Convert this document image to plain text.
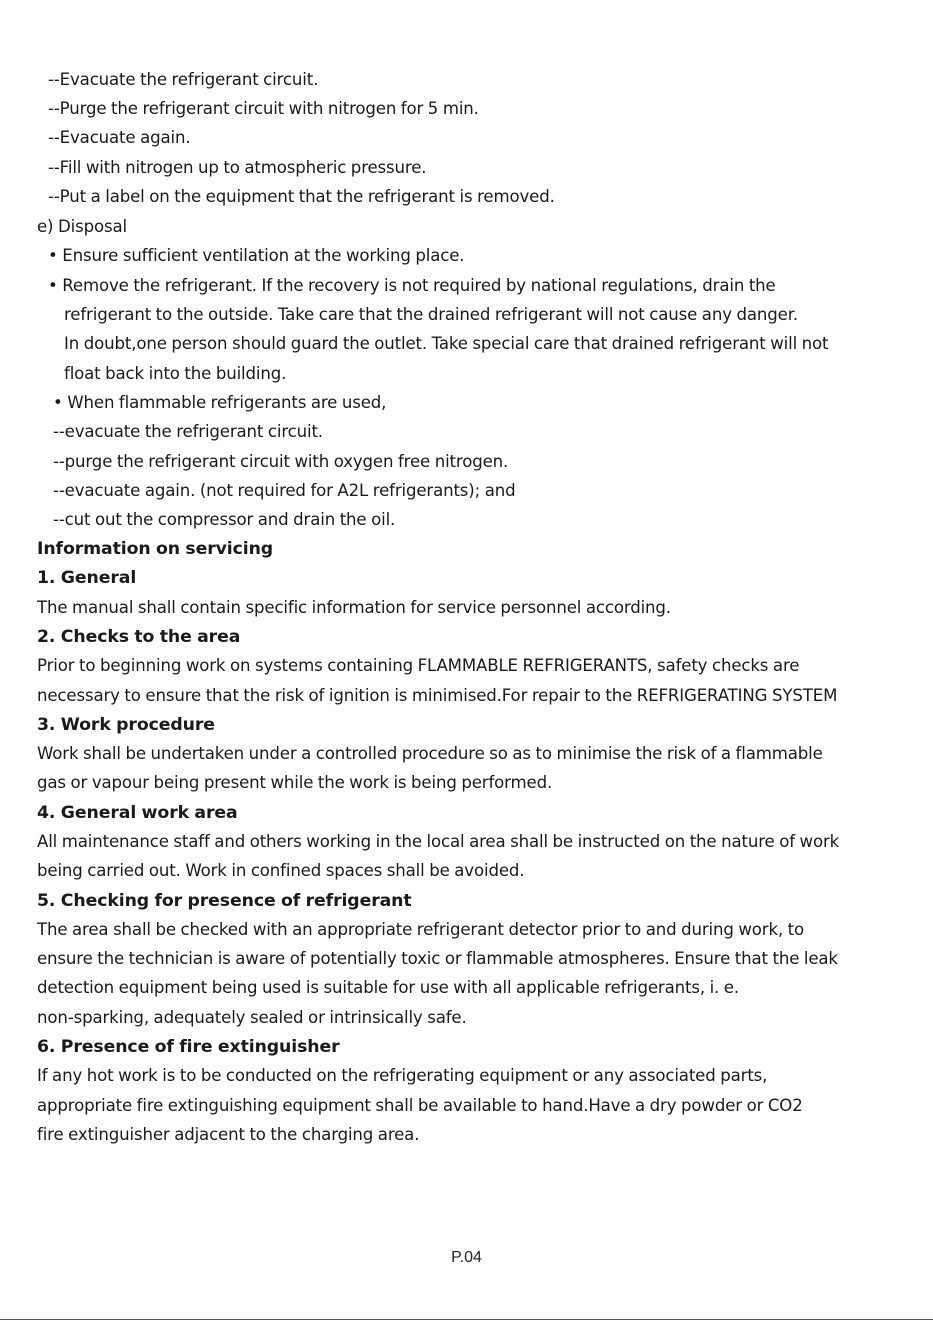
--Evacuate the refrigerant circuit.
--Purge the refrigerant circuit with nitrogen for 5 min.
--Evacuate again.
--Fill with nitrogen up to atmospheric pressure.
--Put a label on the equipment that the refrigerant is removed.
e) Disposal
• Ensure sufficient ventilation at the working place.
• Remove the refrigerant. If the recovery is not required by national regulations, drain the
refrigerant to the outside. Take care that the drained refrigerant will not cause any danger.
In doubt,one person should guard the outlet. Take special care that drained refrigerant will not
float back into the building.
• When flammable refrigerants are used,
--evacuate the refrigerant circuit.
--purge the refrigerant circuit with oxygen free nitrogen.
--evacuate again. (not required for A2L refrigerants); and
--cut out the compressor and drain the oil.
Information on servicing
1. General
The manual shall contain specific information for service personnel according.
2. Checks to the area
Prior to beginning work on systems containing FLAMMABLE REFRIGERANTS, safety checks are
necessary to ensure that the risk of ignition is minimised.For repair to the REFRIGERATING SYSTEM
3. Work procedure
Work shall be undertaken under a controlled procedure so as to minimise the risk of a flammable
gas or vapour being present while the work is being performed.
4. General work area
All maintenance staff and others working in the local area shall be instructed on the nature of work
being carried out. Work in confined spaces shall be avoided.
5. Checking for presence of refrigerant
The area shall be checked with an appropriate refrigerant detector prior to and during work, to
ensure the technician is aware of potentially toxic or flammable atmospheres. Ensure that the leak
detection equipment being used is suitable for use with all applicable refrigerants, i. e.
non-sparking, adequately sealed or intrinsically safe.
6. Presence of fire extinguisher
If any hot work is to be conducted on the refrigerating equipment or any associated parts,
appropriate fire extinguishing equipment shall be available to hand.Have a dry powder or CO2
fire extinguisher adjacent to the charging area.
P.04
